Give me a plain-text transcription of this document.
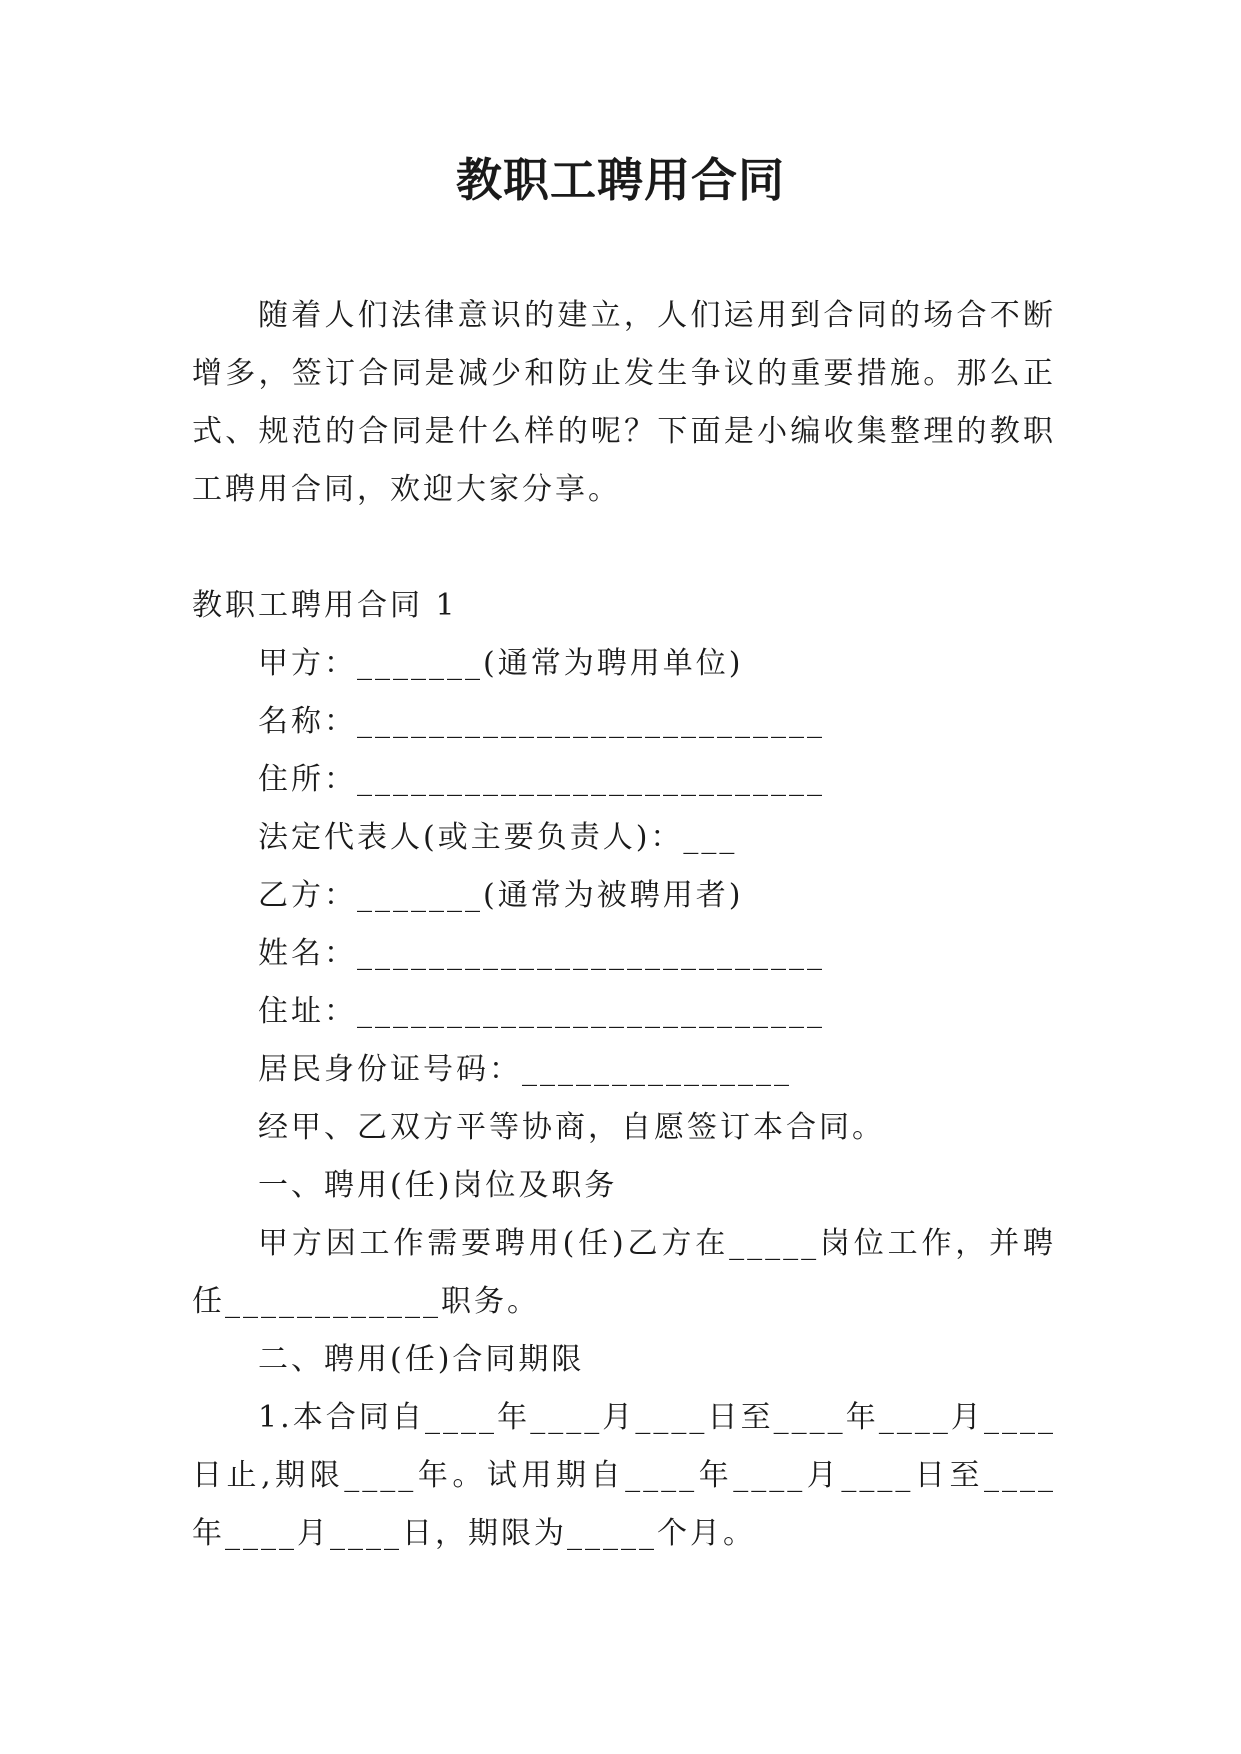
教职工聘用合同

随着人们法律意识的建立，人们运用到合同的场合不断增多，签订合同是减少和防止发生争议的重要措施。那么正式、规范的合同是什么样的呢？下面是小编收集整理的教职工聘用合同，欢迎大家分享。

教职工聘用合同 1

甲方：_______(通常为聘用单位)

名称：__________________________

住所：__________________________

法定代表人(或主要负责人)：___

乙方：_______(通常为被聘用者)

姓名：__________________________

住址：__________________________

居民身份证号码：_______________

经甲、乙双方平等协商，自愿签订本合同。

一、聘用(任)岗位及职务

甲方因工作需要聘用(任)乙方在_____岗位工作，并聘任____________职务。

二、聘用(任)合同期限

1.本合同自____年____月____日至____年____月____日止,期限____年。试用期自____年____月____日至____年____月____日，期限为_____个月。
